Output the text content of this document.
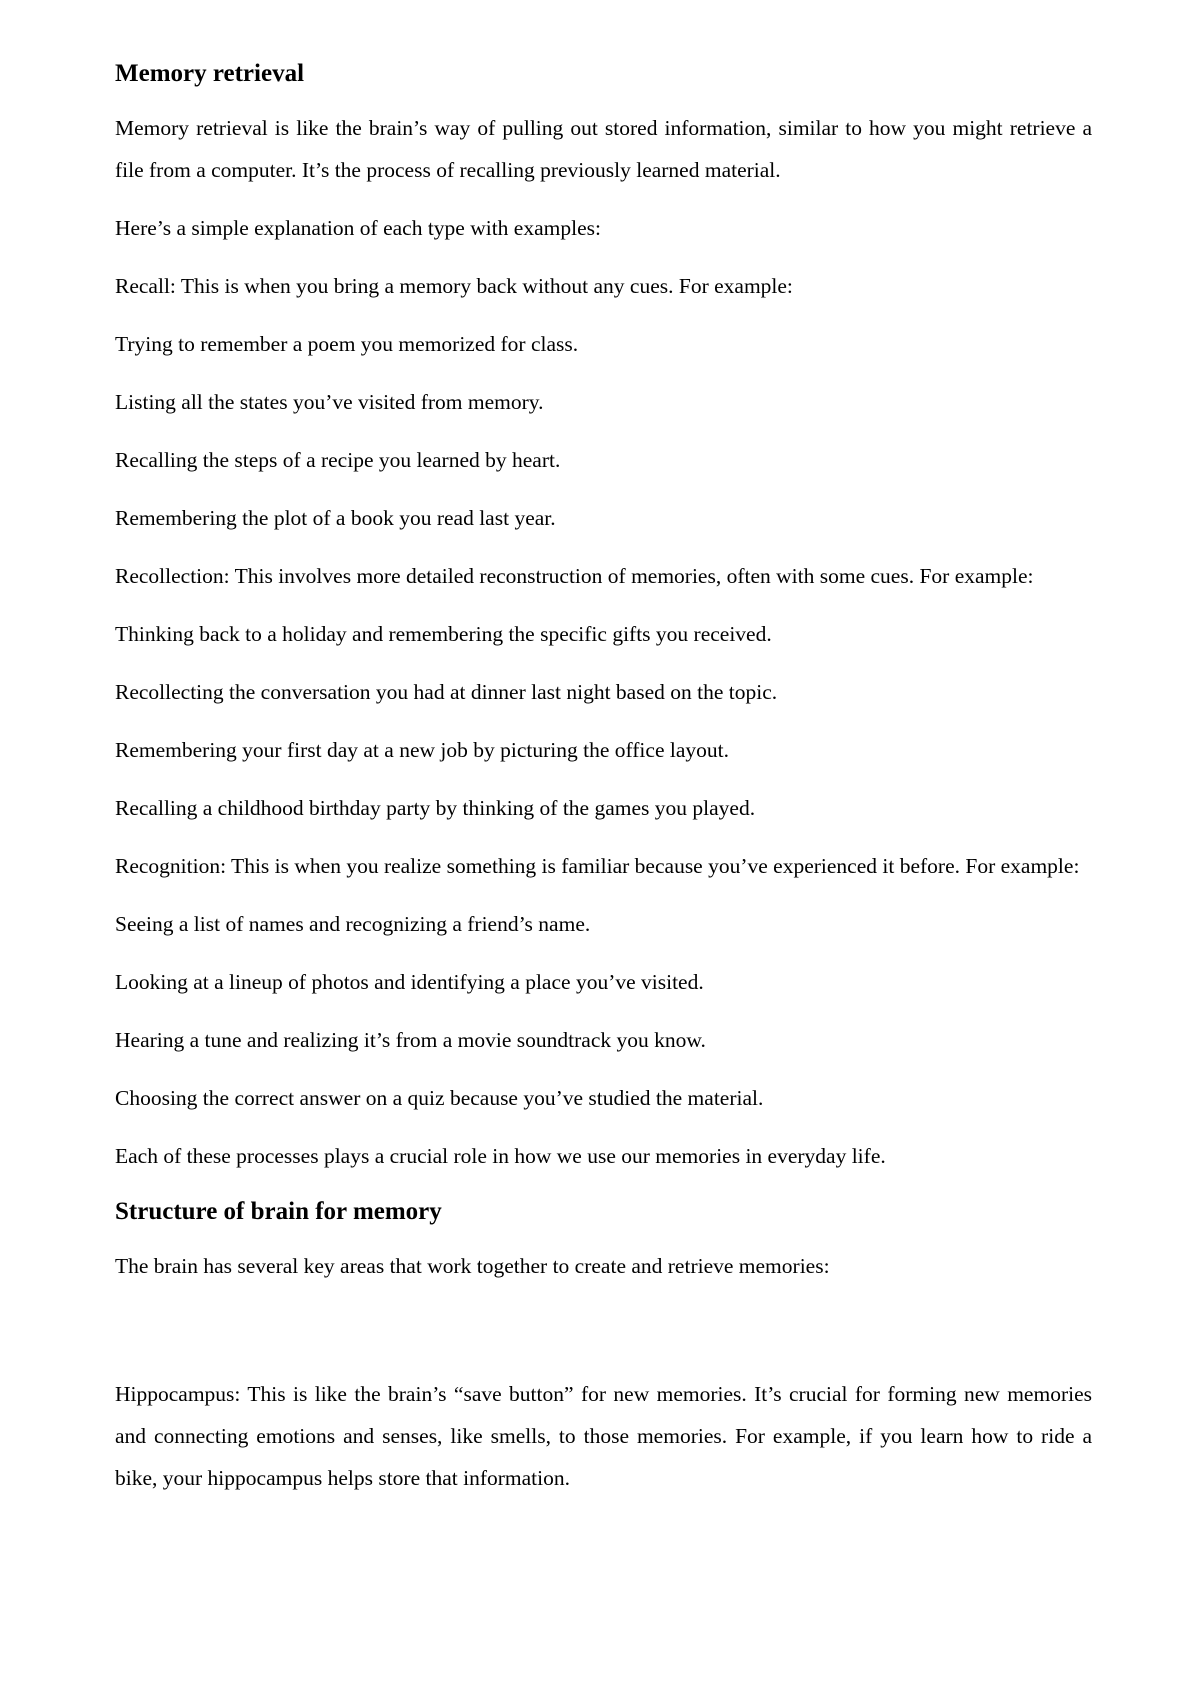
Memory retrieval

Memory retrieval is like the brain’s way of pulling out stored information, similar to how you might retrieve a file from a computer. It’s the process of recalling previously learned material.

Here’s a simple explanation of each type with examples:

Recall: This is when you bring a memory back without any cues. For example:

Trying to remember a poem you memorized for class.

Listing all the states you’ve visited from memory.

Recalling the steps of a recipe you learned by heart.

Remembering the plot of a book you read last year.

Recollection: This involves more detailed reconstruction of memories, often with some cues. For example:

Thinking back to a holiday and remembering the specific gifts you received.

Recollecting the conversation you had at dinner last night based on the topic.

Remembering your first day at a new job by picturing the office layout.

Recalling a childhood birthday party by thinking of the games you played.

Recognition: This is when you realize something is familiar because you’ve experienced it before. For example:

Seeing a list of names and recognizing a friend’s name.

Looking at a lineup of photos and identifying a place you’ve visited.

Hearing a tune and realizing it’s from a movie soundtrack you know.

Choosing the correct answer on a quiz because you’ve studied the material.

Each of these processes plays a crucial role in how we use our memories in everyday life.

Structure of brain for memory

The brain has several key areas that work together to create and retrieve memories:

Hippocampus: This is like the brain’s “save button” for new memories. It’s crucial for forming new memories and connecting emotions and senses, like smells, to those memories. For example, if you learn how to ride a bike, your hippocampus helps store that information.
